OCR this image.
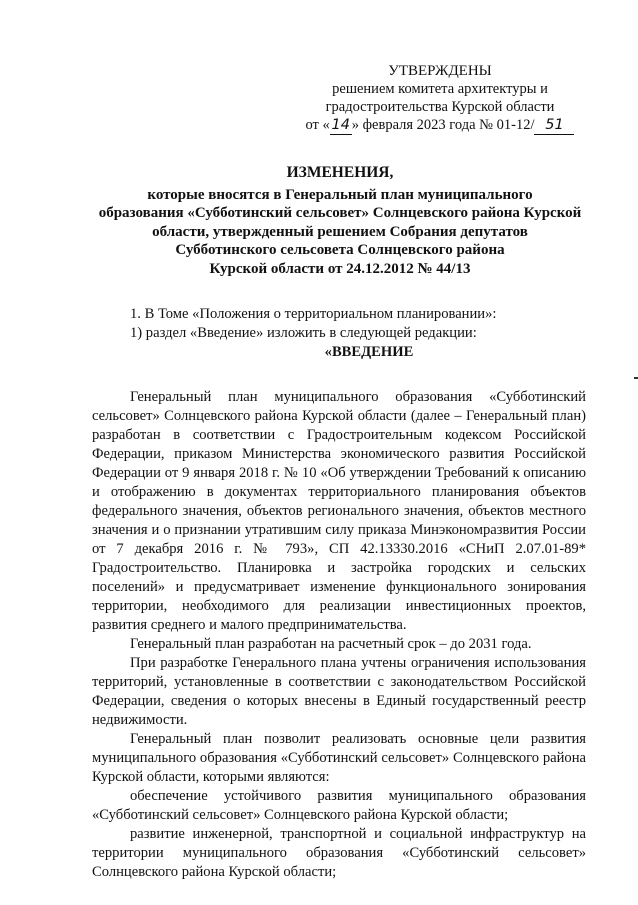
УТВЕРЖДЕНЫ
решением комитета архитектуры и
градостроительства Курской области
от « 14 » февраля 2023 года № 01-12/ 51
ИЗМЕНЕНИЯ,
которые вносятся в Генеральный план муниципального
образования «Субботинский сельсовет» Солнцевского района Курской
области, утвержденный решением Собрания депутатов
Субботинского сельсовета Солнцевского района
Курской области от 24.12.2012 № 44/13

1. В Томе «Положения о территориальном планировании»:

1) раздел «Введение» изложить в следующей редакции:

«ВВЕДЕНИЕ

Генеральный план муниципального образования «Субботинский сельсовет» Солнцевского района Курской области (далее – Генеральный план) разработан в соответствии с Градостроительным кодексом Российской Федерации, приказом Министерства экономического развития Российской Федерации от 9 января 2018 г. № 10 «Об утверждении Требований к описанию и отображению в документах территориального планирования объектов федерального значения, объектов регионального значения, объектов местного значения и о признании утратившим силу приказа Минэкономразвития России от 7 декабря 2016 г. № 793», СП 42.13330.2016 «СНиП 2.07.01-89* Градостроительство. Планировка и застройка городских и сельских поселений» и предусматривает изменение функционального зонирования территории, необходимого для реализации инвестиционных проектов, развития среднего и малого предпринимательства.

Генеральный план разработан на расчетный срок – до 2031 года.

При разработке Генерального плана учтены ограничения использования территорий, установленные в соответствии с законодательством Российской Федерации, сведения о которых внесены в Единый государственный реестр недвижимости.

Генеральный план позволит реализовать основные цели развития муниципального образования «Субботинский сельсовет» Солнцевского района Курской области, которыми являются:

обеспечение устойчивого развития муниципального образования «Субботинский сельсовет» Солнцевского района Курской области;

развитие инженерной, транспортной и социальной инфраструктур на территории муниципального образования «Субботинский сельсовет» Солнцевского района Курской области;
